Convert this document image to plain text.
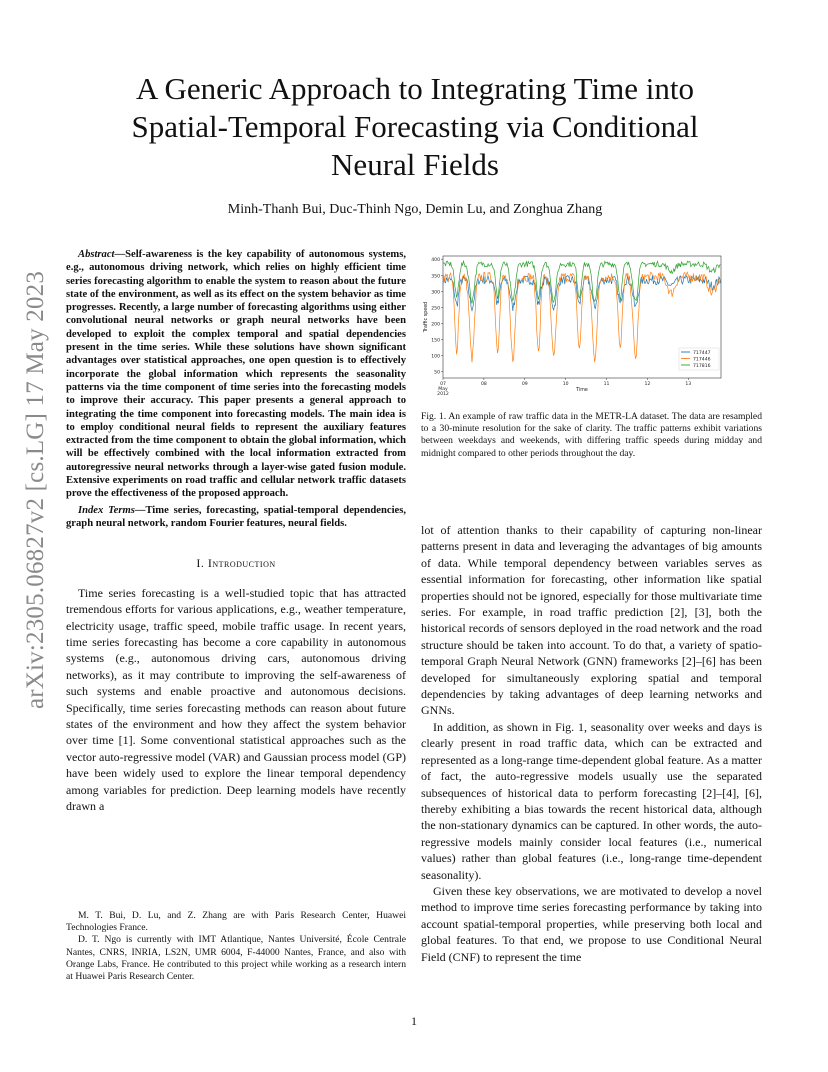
arXiv:2305.06827v2 [cs.LG] 17 May 2023
A Generic Approach to Integrating Time into Spatial-Temporal Forecasting via Conditional Neural Fields
Minh-Thanh Bui, Duc-Thinh Ngo, Demin Lu, and Zonghua Zhang

Abstract—Self-awareness is the key capability of autonomous systems, e.g., autonomous driving network, which relies on highly efficient time series forecasting algorithm to enable the system to reason about the future state of the environment, as well as its effect on the system behavior as time progresses. Recently, a large number of forecasting algorithms using either convolutional neural networks or graph neural networks have been developed to exploit the complex temporal and spatial dependencies present in the time series. While these solutions have shown significant advantages over statistical approaches, one open question is to effectively incorporate the global information which represents the seasonality patterns via the time component of time series into the forecasting models to improve their accuracy. This paper presents a general approach to integrating the time component into forecasting models. The main idea is to employ conditional neural fields to represent the auxiliary features extracted from the time component to obtain the global information, which will be effectively combined with the local information extracted from autoregressive neural networks through a layer-wise gated fusion module. Extensive experiments on road traffic and cellular network traffic datasets prove the effectiveness of the proposed approach.

Index Terms—Time series, forecasting, spatial-temporal dependencies, graph neural network, random Fourier features, neural fields.

I. Introduction

Time series forecasting is a well-studied topic that has attracted tremendous efforts for various applications, e.g., weather temperature, electricity usage, traffic speed, mobile traffic usage. In recent years, time series forecasting has become a core capability in autonomous systems (e.g., autonomous driving cars, autonomous driving networks), as it may contribute to improving the self-awareness of such systems and enable proactive and autonomous decisions. Specifically, time series forecasting methods can reason about future states of the environment and how they affect the system behavior over time [1]. Some conventional statistical approaches such as the vector auto-regressive model (VAR) and Gaussian process model (GP) have been widely used to explore the linear temporal dependency among variables for prediction. Deep learning models have recently drawn a

M. T. Bui, D. Lu, and Z. Zhang are with Paris Research Center, Huawei Technologies France.

D. T. Ngo is currently with IMT Atlantique, Nantes Université, École Centrale Nantes, CNRS, INRIA, LS2N, UMR 6004, F-44000 Nantes, France, and also with Orange Labs, France. He contributed to this project while working as a research intern at Huawei Paris Research Center.

400
350
300
250
200
150
100
50
07
May
2012
08	09	10	11	12	13
Traffic speed
Time
717447
717446
717816
Fig. 1. An example of raw traffic data in the METR-LA dataset. The data are resampled to a 30-minute resolution for the sake of clarity. The traffic patterns exhibit variations between weekdays and weekends, with differing traffic speeds during midday and midnight compared to other periods throughout the day.

lot of attention thanks to their capability of capturing non-linear patterns present in data and leveraging the advantages of big amounts of data. While temporal dependency between variables serves as essential information for forecasting, other information like spatial properties should not be ignored, especially for those multivariate time series. For example, in road traffic prediction [2], [3], both the historical records of sensors deployed in the road network and the road structure should be taken into account. To do that, a variety of spatio-temporal Graph Neural Network (GNN) frameworks [2]–[6] has been developed for simultaneously exploring spatial and temporal dependencies by taking advantages of deep learning networks and GNNs.

In addition, as shown in Fig. 1, seasonality over weeks and days is clearly present in road traffic data, which can be extracted and represented as a long-range time-dependent global feature. As a matter of fact, the auto-regressive models usually use the separated subsequences of historical data to perform forecasting [2]–[4], [6], thereby exhibiting a bias towards the recent historical data, although the non-stationary dynamics can be captured. In other words, the auto-regressive models mainly consider local features (i.e., numerical values) rather than global features (i.e., long-range time-dependent seasonality).

Given these key observations, we are motivated to develop a novel method to improve time series forecasting performance by taking into account spatial-temporal properties, while preserving both local and global features. To that end, we propose to use Conditional Neural Field (CNF) to represent the time

1
